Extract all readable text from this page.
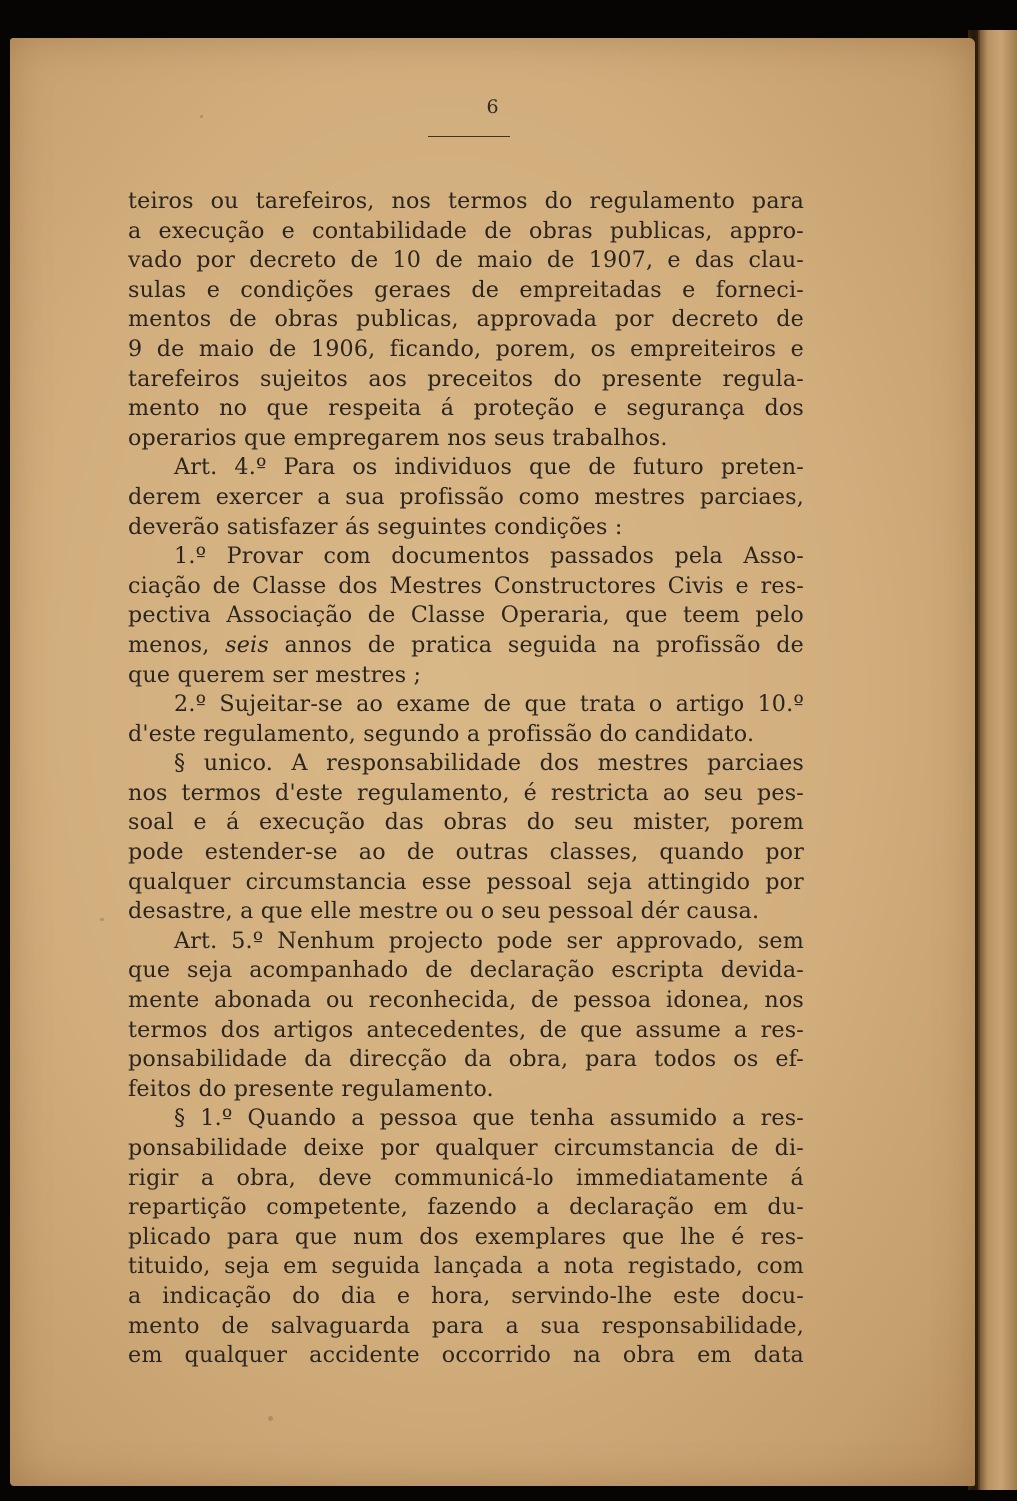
6
teiros ou tarefeiros, nos termos do regulamento para
a execução e contabilidade de obras publicas, appro-
vado por decreto de 10 de maio de 1907, e das clau-
sulas e condições geraes de empreitadas e forneci-
mentos de obras publicas, approvada por decreto de
9 de maio de 1906, ficando, porem, os empreiteiros e
tarefeiros sujeitos aos preceitos do presente regula-
mento no que respeita á proteção e segurança dos
operarios que empregarem nos seus trabalhos.
Art. 4.º Para os individuos que de futuro preten-
derem exercer a sua profissão como mestres parciaes,
deverão satisfazer ás seguintes condições :
1.º Provar com documentos passados pela Asso-
ciação de Classe dos Mestres Constructores Civis e res-
pectiva Associação de Classe Operaria, que teem pelo
menos, seis annos de pratica seguida na profissão de
que querem ser mestres ;
2.º Sujeitar-se ao exame de que trata o artigo 10.º
d'este regulamento, segundo a profissão do candidato.
§ unico. A responsabilidade dos mestres parciaes
nos termos d'este regulamento, é restricta ao seu pes-
soal e á execução das obras do seu mister, porem
pode estender-se ao de outras classes, quando por
qualquer circumstancia esse pessoal seja attingido por
desastre, a que elle mestre ou o seu pessoal dér causa.
Art. 5.º Nenhum projecto pode ser approvado, sem
que seja acompanhado de declaração escripta devida-
mente abonada ou reconhecida, de pessoa idonea, nos
termos dos artigos antecedentes, de que assume a res-
ponsabilidade da direcção da obra, para todos os ef-
feitos do presente regulamento.
§ 1.º Quando a pessoa que tenha assumido a res-
ponsabilidade deixe por qualquer circumstancia de di-
rigir a obra, deve communicá-lo immediatamente á
repartição competente, fazendo a declaração em du-
plicado para que num dos exemplares que lhe é res-
tituido, seja em seguida lançada a nota registado, com
a indicação do dia e hora, servindo-lhe este docu-
mento de salvaguarda para a sua responsabilidade,
em qualquer accidente occorrido na obra em data
